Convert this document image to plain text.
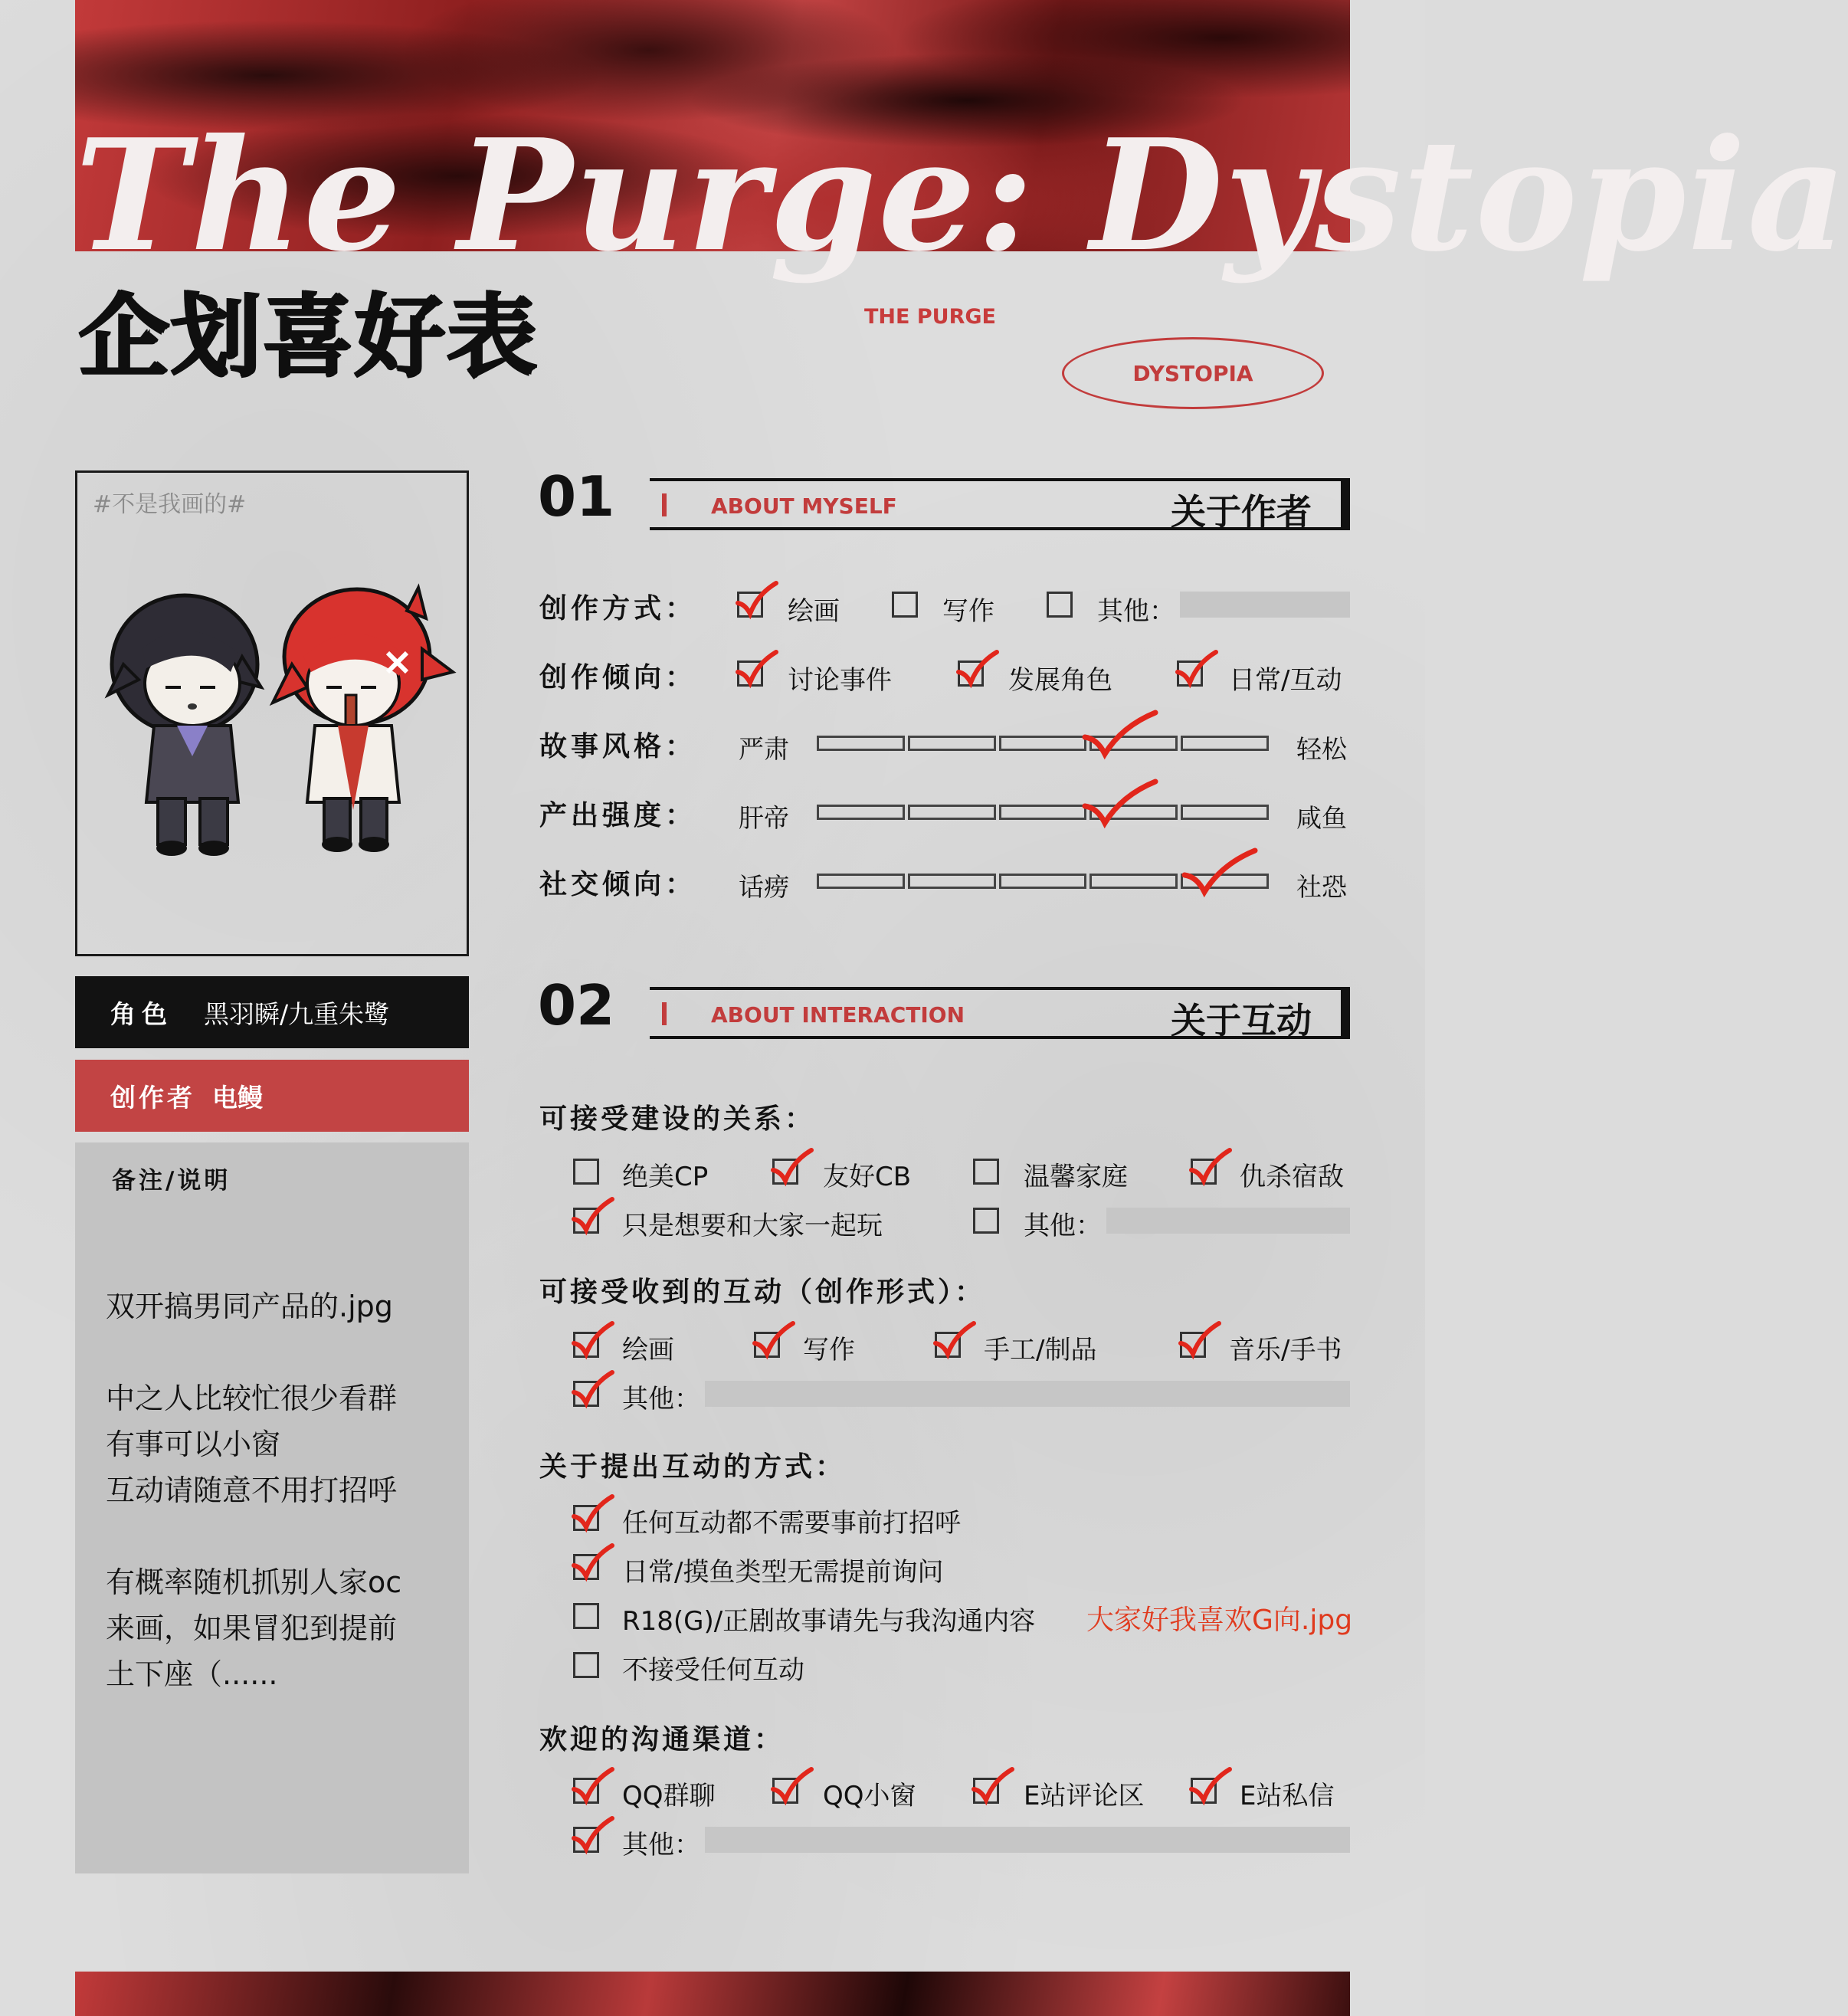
The Purge: Dystopia
企划喜好表	THE PURGE
DYSTOPIA
#不是我画的#
角色 黑羽瞬/九重朱鹭
创作者 电鳗
备注/说明

双开搞男同产品的.jpg

中之人比较忙很少看群
有事可以小窗
互动请随意不用打招呼

有概率随机抓别人家oc
来画，如果冒犯到提前
土下座（......

01	ABOUT MYSELF	关于作者
创作方式：	绘画	写作	其他：
创作倾向：	讨论事件	发展角色	日常/互动
故事风格： 严肃	轻松
产出强度： 肝帝	咸鱼
社交倾向： 话痨	社恐
02	ABOUT INTERACTION	关于互动
可接受建设的关系：
绝美CP	友好CB	温馨家庭	仇杀宿敌
只是想要和大家一起玩	其他：
可接受收到的互动（创作形式）：
绘画	写作	手工/制品	音乐/手书
其他：
关于提出互动的方式：
任何互动都不需要事前打招呼
日常/摸鱼类型无需提前询问
R18(G)/正剧故事请先与我沟通内容 大家好我喜欢G向.jpg
不接受任何互动
欢迎的沟通渠道：
QQ群聊	QQ小窗	E站评论区	E站私信
其他：
